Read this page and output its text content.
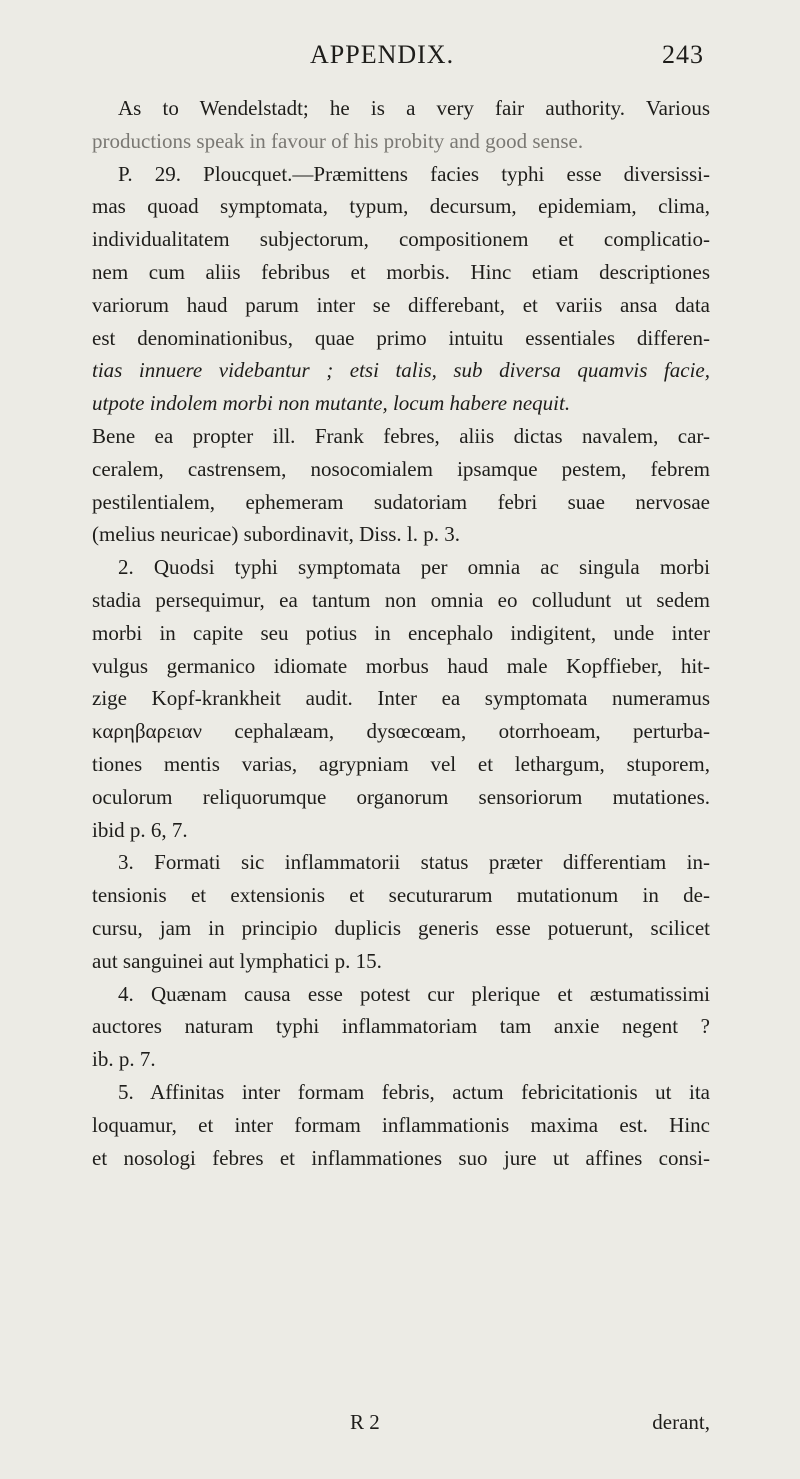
APPENDIX.	243
As to Wendelstadt; he is a very fair authority. Various
productions speak in favour of his probity and good sense.
P. 29. Ploucquet.—Præmittens facies typhi esse diversissi-
mas quoad symptomata, typum, decursum, epidemiam, clima,
individualitatem subjectorum, compositionem et complicatio-
nem cum aliis febribus et morbis. Hinc etiam descriptiones
variorum haud parum inter se differebant, et variis ansa data
est denominationibus, quae primo intuitu essentiales differen-
tias innuere videbantur ; etsi talis, sub diversa quamvis facie,
utpote indolem morbi non mutante, locum habere nequit.
Bene ea propter ill. Frank febres, aliis dictas navalem, car-
ceralem, castrensem, nosocomialem ipsamque pestem, febrem
pestilentialem, ephemeram sudatoriam febri suae nervosae
(melius neuricae) subordinavit, Diss. l. p. 3.
2. Quodsi typhi symptomata per omnia ac singula morbi
stadia persequimur, ea tantum non omnia eo colludunt ut sedem
morbi in capite seu potius in encephalo indigitent, unde inter
vulgus germanico idiomate morbus haud male Kopffieber, hit-
zige Kopf-krankheit audit. Inter ea symptomata numeramus
καρηβαρειαν cephalæam, dysœcœam, otorrhoeam, perturba-
tiones mentis varias, agrypniam vel et lethargum, stuporem,
oculorum reliquorumque organorum sensoriorum mutationes.
ibid p. 6, 7.
3. Formati sic inflammatorii status præter differentiam in-
tensionis et extensionis et secuturarum mutationum in de-
cursu, jam in principio duplicis generis esse potuerunt, scilicet
aut sanguinei aut lymphatici p. 15.
4. Quænam causa esse potest cur plerique et æstumatissimi
auctores naturam typhi inflammatoriam tam anxie negent ?
ib. p. 7.
5. Affinitas inter formam febris, actum febricitationis ut ita
loquamur, et inter formam inflammationis maxima est. Hinc
et nosologi febres et inflammationes suo jure ut affines consi-
R 2	derant,
